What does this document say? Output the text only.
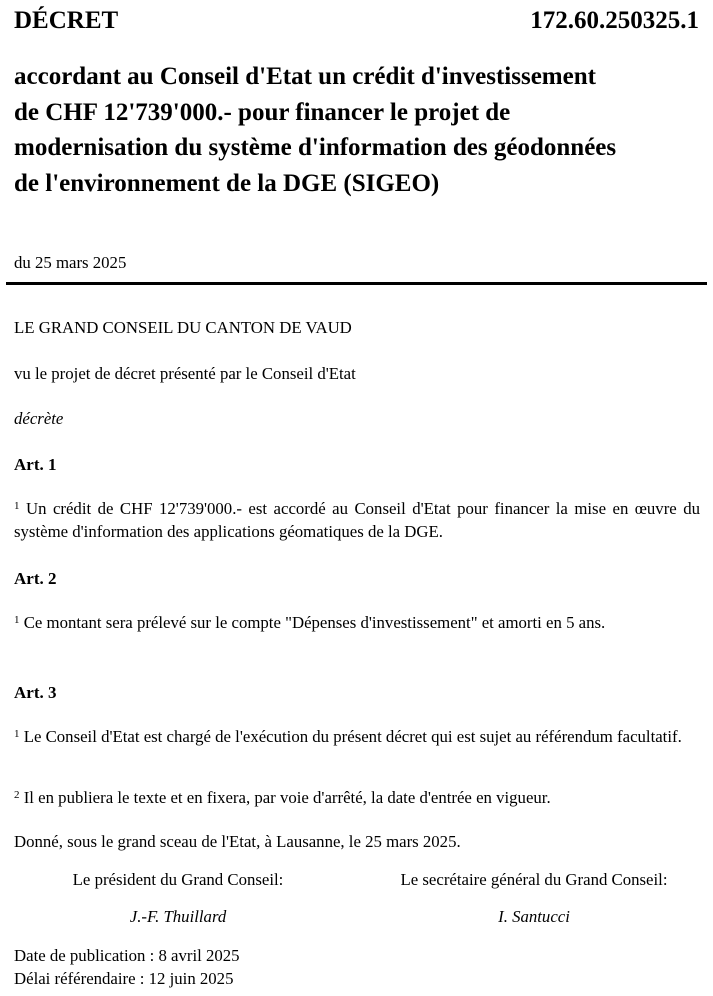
DÉCRET	172.60.250325.1
accordant au Conseil d'Etat un crédit d'investissement
de CHF 12'739'000.- pour financer le projet de
modernisation du système d'information des géodonnées
de l'environnement de la DGE (SIGEO)
du 25 mars 2025
LE GRAND CONSEIL DU CANTON DE VAUD
vu le projet de décret présenté par le Conseil d'Etat
décrète
Art. 1
$^1$ Un crédit de CHF 12'739'000.- est accordé au Conseil d'Etat pour financer la mise en œuvre du système d'information des applications géomatiques de la DGE.
Art. 2
$^1$ Ce montant sera prélevé sur le compte "Dépenses d'investissement" et amorti en 5 ans.
Art. 3
$^1$ Le Conseil d'Etat est chargé de l'exécution du présent décret qui est sujet au référendum facultatif.
$^2$ Il en publiera le texte et en fixera, par voie d'arrêté, la date d'entrée en vigueur.
Donné, sous le grand sceau de l'Etat, à Lausanne, le 25 mars 2025.
Le président du Grand Conseil:	Le secrétaire général du Grand Conseil:
J.-F. Thuillard	I. Santucci
Date de publication : 8 avril 2025
Délai référendaire : 12 juin 2025
